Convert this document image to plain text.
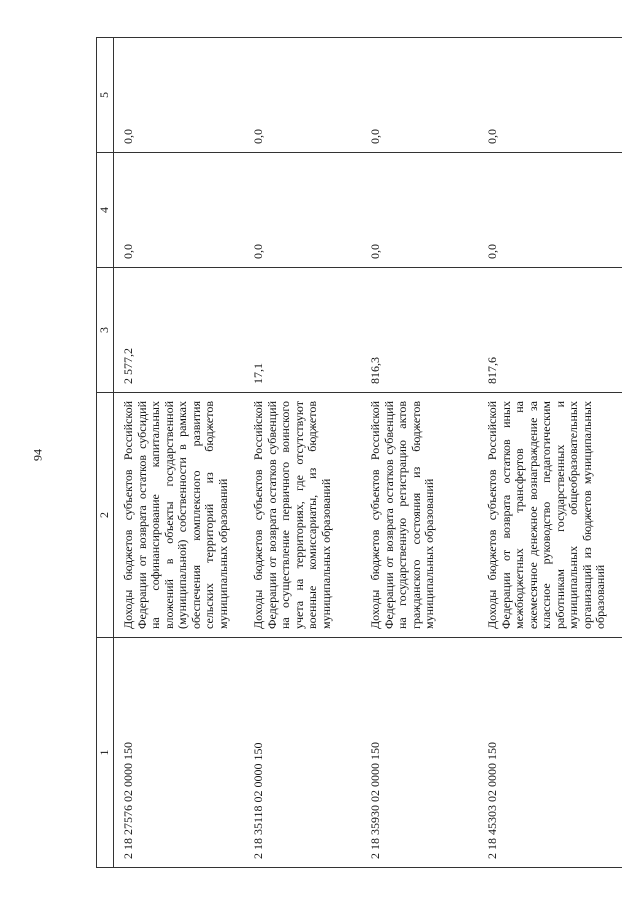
94
1	2	3	4	5
2 18 27576 02 0000 150	Доходы бюджетов субъектов Российской Федерации от возврата остатков субсидий на софинансирование капитальных вложений в объекты государственной (муниципальной) собственности в рамках обеспечения комплексного развития сельских территорий из бюджетов муниципальных образований	2 577,2	0,0	0,0
2 18 35118 02 0000 150	Доходы бюджетов субъектов Российской Федерации от возврата остатков субвенций на осуществление первичного воинского учета на территориях, где отсутствуют военные комиссариаты, из бюджетов муниципальных образований	17,1	0,0	0,0
2 18 35930 02 0000 150	Доходы бюджетов субъектов Российской Федерации от возврата остатков субвенций на государственную регистрацию актов гражданского состояния из бюджетов муниципальных образований	816,3	0,0	0,0
2 18 45303 02 0000 150	Доходы бюджетов субъектов Российской Федерации от возврата остатков иных межбюджетных трансфертов на ежемесячное денежное вознаграждение за классное руководство педагогическим работникам государственных и муниципальных общеобразовательных организаций из бюджетов муниципальных образований	817,6	0,0	0,0
